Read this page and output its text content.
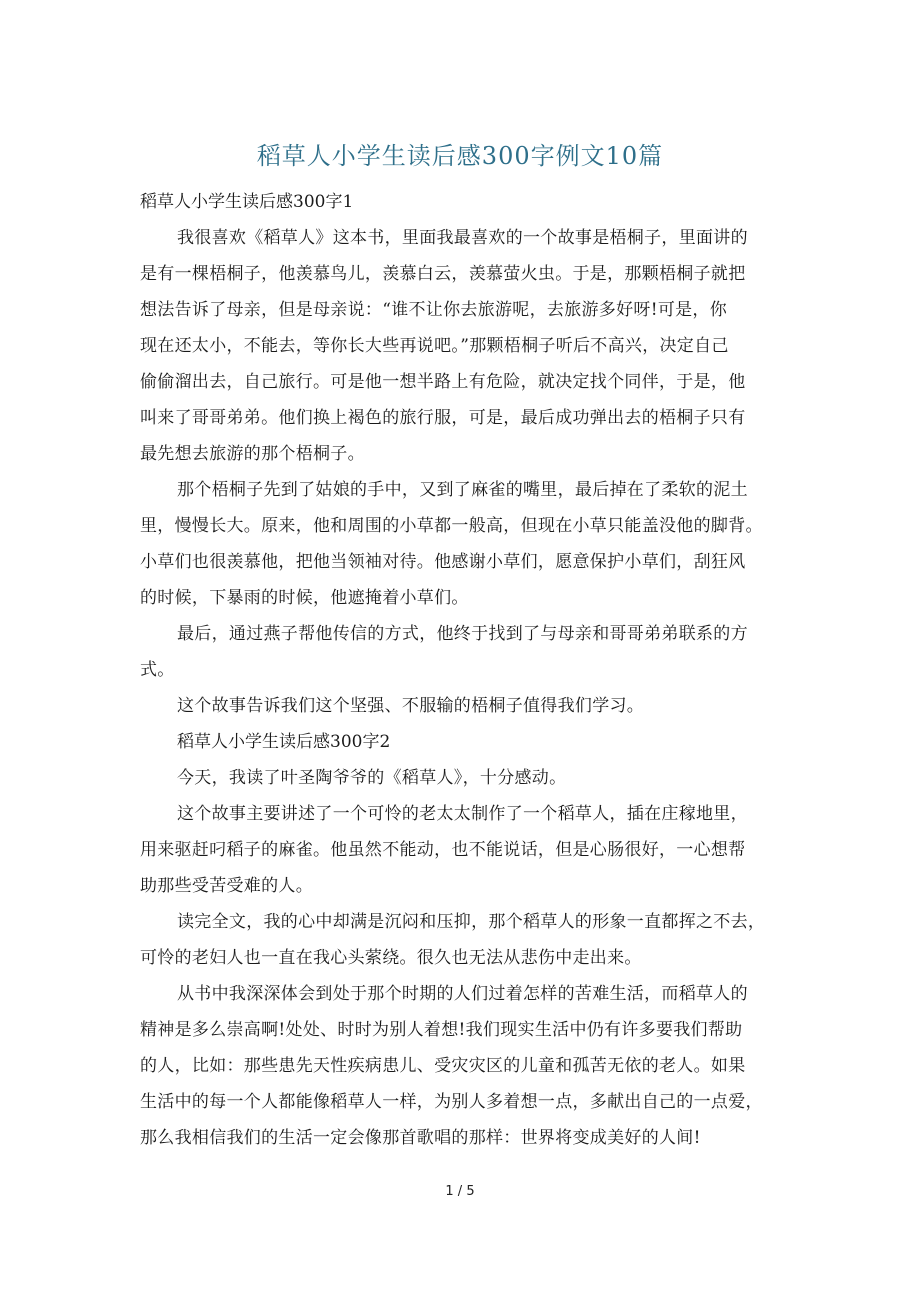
稻草人小学生读后感300字例文10篇
稻草人小学生读后感300字1

我很喜欢《稻草人》这本书，里面我最喜欢的一个故事是梧桐子，里面讲的
是有一棵梧桐子，他羡慕鸟儿，羡慕白云，羡慕萤火虫。于是，那颗梧桐子就把
想法告诉了母亲，但是母亲说：“谁不让你去旅游呢，去旅游多好呀!可是，你
现在还太小，不能去，等你长大些再说吧。”那颗梧桐子听后不高兴，决定自己
偷偷溜出去，自己旅行。可是他一想半路上有危险，就决定找个同伴，于是，他
叫来了哥哥弟弟。他们换上褐色的旅行服，可是，最后成功弹出去的梧桐子只有
最先想去旅游的那个梧桐子。

那个梧桐子先到了姑娘的手中，又到了麻雀的嘴里，最后掉在了柔软的泥土
里，慢慢长大。原来，他和周围的小草都一般高，但现在小草只能盖没他的脚背。
小草们也很羡慕他，把他当领袖对待。他感谢小草们，愿意保护小草们，刮狂风
的时候，下暴雨的时候，他遮掩着小草们。

最后，通过燕子帮他传信的方式，他终于找到了与母亲和哥哥弟弟联系的方
式。

这个故事告诉我们这个坚强、不服输的梧桐子值得我们学习。

稻草人小学生读后感300字2

今天，我读了叶圣陶爷爷的《稻草人》，十分感动。

这个故事主要讲述了一个可怜的老太太制作了一个稻草人，插在庄稼地里，
用来驱赶叼稻子的麻雀。他虽然不能动，也不能说话，但是心肠很好，一心想帮
助那些受苦受难的人。

读完全文，我的心中却满是沉闷和压抑，那个稻草人的形象一直都挥之不去，
可怜的老妇人也一直在我心头萦绕。很久也无法从悲伤中走出来。

从书中我深深体会到处于那个时期的人们过着怎样的苦难生活，而稻草人的
精神是多么崇高啊!处处、时时为别人着想!我们现实生活中仍有许多要我们帮助
的人，比如：那些患先天性疾病患儿、受灾灾区的儿童和孤苦无依的老人。如果
生活中的每一个人都能像稻草人一样，为别人多着想一点，多献出自己的一点爱，
那么我相信我们的生活一定会像那首歌唱的那样：世界将变成美好的人间!

1 / 5
